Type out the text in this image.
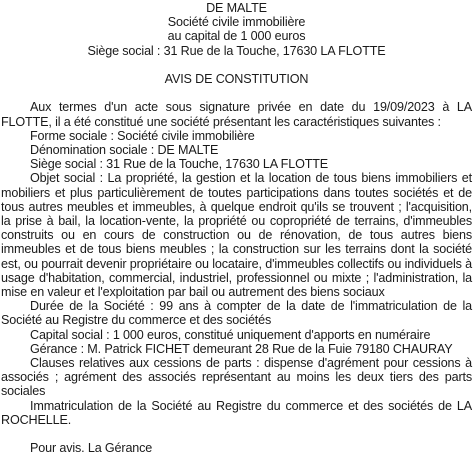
DE MALTE
Société civile immobilière
au capital de 1 000 euros
Siège social : 31 Rue de la Touche, 17630 LA FLOTTE
AVIS DE CONSTITUTION

Aux termes d'un acte sous signature privée en date du 19/09/2023 à LA FLOTTE, il a été constitué une société présentant les caractéristiques suivantes :

Forme sociale : Société civile immobilière

Dénomination sociale : DE MALTE

Siège social : 31 Rue de la Touche, 17630 LA FLOTTE

Objet social : La propriété, la gestion et la location de tous biens immobiliers et mobiliers et plus particulièrement de toutes participations dans toutes sociétés et de tous autres meubles et immeubles, à quelque endroit qu'ils se trouvent ; l'acquisition, la prise à bail, la location-vente, la propriété ou copropriété de terrains, d'immeubles construits ou en cours de construction ou de rénovation, de tous autres biens immeubles et de tous biens meubles ; la construction sur les terrains dont la société est, ou pourrait devenir propriétaire ou locataire, d'immeubles collectifs ou individuels à usage d'habitation, commercial, industriel, professionnel ou mixte ; l'administration, la mise en valeur et l'exploitation par bail ou autrement des biens sociaux

Durée de la Société : 99 ans à compter de la date de l'immatriculation de la Société au Registre du commerce et des sociétés

Capital social : 1 000 euros, constitué uniquement d'apports en numéraire

Gérance : M. Patrick FICHET demeurant 28 Rue de la Fuie 79180 CHAURAY

Clauses relatives aux cessions de parts : dispense d'agrément pour cessions à associés ; agrément des associés représentant au moins les deux tiers des parts sociales

Immatriculation de la Société au Registre du commerce et des sociétés de LA ROCHELLE.

Pour avis. La Gérance
